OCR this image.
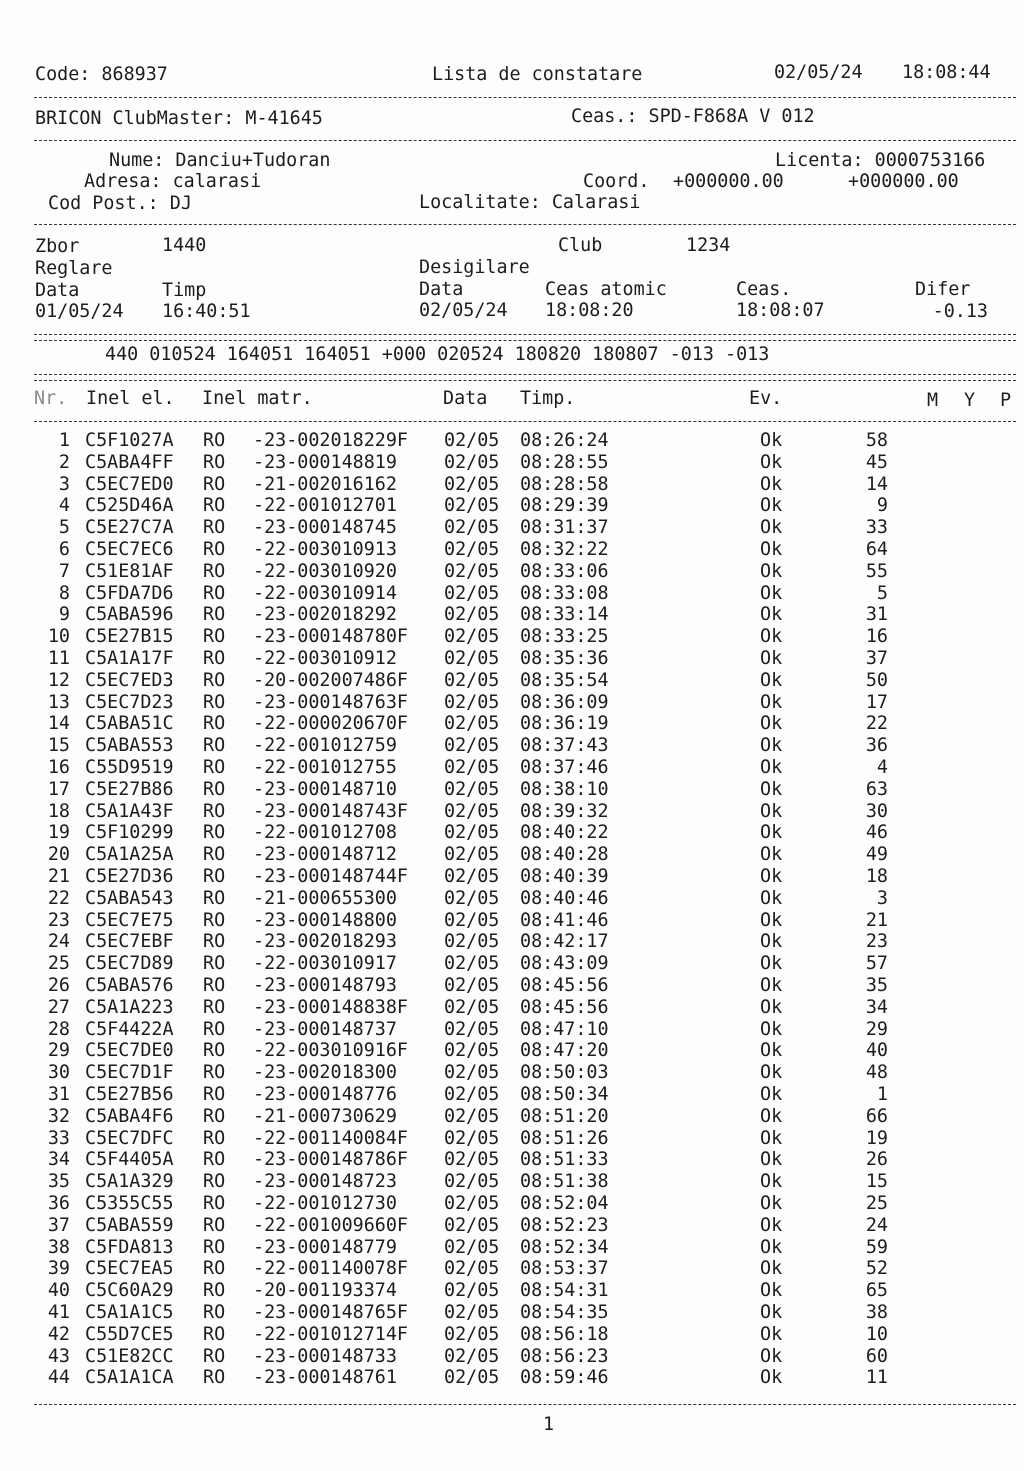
Code: 868937	Lista de constatare	02/05/24 18:08:44
BRICON ClubMaster: M-41645	Ceas.: SPD-F868A V 012
Nume: Danciu+Tudoran	Licenta: 0000753166
Adresa: calarasi	Coord. +000000.00	+000000.00
Cod Post.: DJ	Localitate: Calarasi
Zbor	1440	Club	1234
Reglare	Desigilare
Data	Timp	Data	Ceas atomic	Ceas.	Difer
01/05/24 16:40:51	02/05/24 18:08:20	18:08:07	-0.13
440 010524 164051 164051 +000 020524 180820 180807 -013 -013
Nr. Inel el. Inel matr.	Data Timp.	Ev.	M Y P
1 C5F1027A RO -23-002018229F 02/05 08:26:24	Ok	58
2 C5ABA4FF RO -23-000148819	02/05 08:28:55	Ok	45
3 C5EC7ED0 RO -21-002016162	02/05 08:28:58	Ok	14
4 C525D46A RO -22-001012701	02/05 08:29:39	Ok	9
5 C5E27C7A RO -23-000148745	02/05 08:31:37	Ok	33
6 C5EC7EC6 RO -22-003010913	02/05 08:32:22	Ok	64
7 C51E81AF RO -22-003010920	02/05 08:33:06	Ok	55
8 C5FDA7D6 RO -22-003010914	02/05 08:33:08	Ok	5
9 C5ABA596 RO -23-002018292	02/05 08:33:14	Ok	31
10 C5E27B15 RO -23-000148780F 02/05 08:33:25	Ok	16
11 C5A1A17F RO -22-003010912	02/05 08:35:36	Ok	37
12 C5EC7ED3 RO -20-002007486F 02/05 08:35:54	Ok	50
13 C5EC7D23 RO -23-000148763F 02/05 08:36:09	Ok	17
14 C5ABA51C RO -22-000020670F 02/05 08:36:19	Ok	22
15 C5ABA553 RO -22-001012759	02/05 08:37:43	Ok	36
16 C55D9519 RO -22-001012755	02/05 08:37:46	Ok	4
17 C5E27B86 RO -23-000148710	02/05 08:38:10	Ok	63
18 C5A1A43F RO -23-000148743F 02/05 08:39:32	Ok	30
19 C5F10299 RO -22-001012708	02/05 08:40:22	Ok	46
20 C5A1A25A RO -23-000148712	02/05 08:40:28	Ok	49
21 C5E27D36 RO -23-000148744F 02/05 08:40:39	Ok	18
22 C5ABA543 RO -21-000655300	02/05 08:40:46	Ok	3
23 C5EC7E75 RO -23-000148800	02/05 08:41:46	Ok	21
24 C5EC7EBF RO -23-002018293	02/05 08:42:17	Ok	23
25 C5EC7D89 RO -22-003010917	02/05 08:43:09	Ok	57
26 C5ABA576 RO -23-000148793	02/05 08:45:56	Ok	35
27 C5A1A223 RO -23-000148838F 02/05 08:45:56	Ok	34
28 C5F4422A RO -23-000148737	02/05 08:47:10	Ok	29
29 C5EC7DE0 RO -22-003010916F 02/05 08:47:20	Ok	40
30 C5EC7D1F RO -23-002018300	02/05 08:50:03	Ok	48
31 C5E27B56 RO -23-000148776	02/05 08:50:34	Ok	1
32 C5ABA4F6 RO -21-000730629	02/05 08:51:20	Ok	66
33 C5EC7DFC RO -22-001140084F 02/05 08:51:26	Ok	19
34 C5F4405A RO -23-000148786F 02/05 08:51:33	Ok	26
35 C5A1A329 RO -23-000148723	02/05 08:51:38	Ok	15
36 C5355C55 RO -22-001012730	02/05 08:52:04	Ok	25
37 C5ABA559 RO -22-001009660F 02/05 08:52:23	Ok	24
38 C5FDA813 RO -23-000148779	02/05 08:52:34	Ok	59
39 C5EC7EA5 RO -22-001140078F 02/05 08:53:37	Ok	52
40 C5C60A29 RO -20-001193374	02/05 08:54:31	Ok	65
41 C5A1A1C5 RO -23-000148765F 02/05 08:54:35	Ok	38
42 C55D7CE5 RO -22-001012714F 02/05 08:56:18	Ok	10
43 C51E82CC RO -23-000148733	02/05 08:56:23	Ok	60
44 C5A1A1CA RO -23-000148761	02/05 08:59:46	Ok	11
1
